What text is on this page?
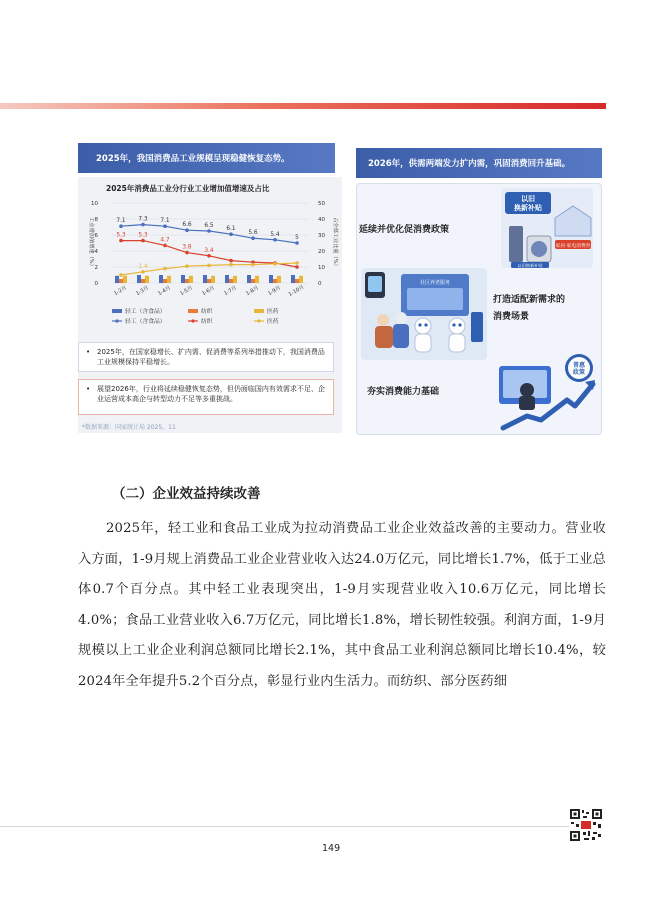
2025年，我国消费品工业规模呈现稳健恢复态势。
2025年消费品工业分行业工业增加值增速及占比
0
2
4
6
8
10
0
10
20
30
40
50
工业增加值增速（%）	占全部工业比重（%）
7.1 7.3 7.1
6.6 6.5
6.1
5.6 5.4
5
5.3 5.3
4.7
3.8
3.4
1.4
1-2月 1-3月 1-4月 1-5月 1-6月 1-7月 1-8月 1-9月 1-10月
轻工（含食品）	纺织	医药
轻工（含食品）	纺织	医药
• 2025年，在国家稳增长、扩内需、促消费等系列举措推动下，我国消费品工业规模保持平稳增长。
• 展望2026年，行业将延续稳健恢复态势，但仍面临国内有效需求不足、企业运营成本高企与转型动力不足等多重挑战。
*数据来源：国家统计局 2025，11
2026年，供需两端发力扩内需，巩固消费回升基础。
延续并优化促消费政策
以旧
换新补贴
家居·家电消费券
以旧换新补贴
社区养老服务
打造适配新需求的
消费场景
夯实消费能力基础
普惠
政策
（二）企业效益持续改善
2025年，轻工业和食品工业成为拉动消费品工业企业效益改善的主要动力。营业收入方面，1-9月规上消费品工业企业营业收入达24.0万亿元，同比增长1.7%，低于工业总体0.7个百分点。其中轻工业表现突出，1-9月实现营业收入10.6万亿元，同比增长4.0%；食品工业营业收入6.7万亿元，同比增长1.8%，增长韧性较强。利润方面，1-9月规模以上工业企业利润总额同比增长2.1%，其中食品工业利润总额同比增长10.4%，较2024年全年提升5.2个百分点，彰显行业内生活力。而纺织、部分医药细
149
